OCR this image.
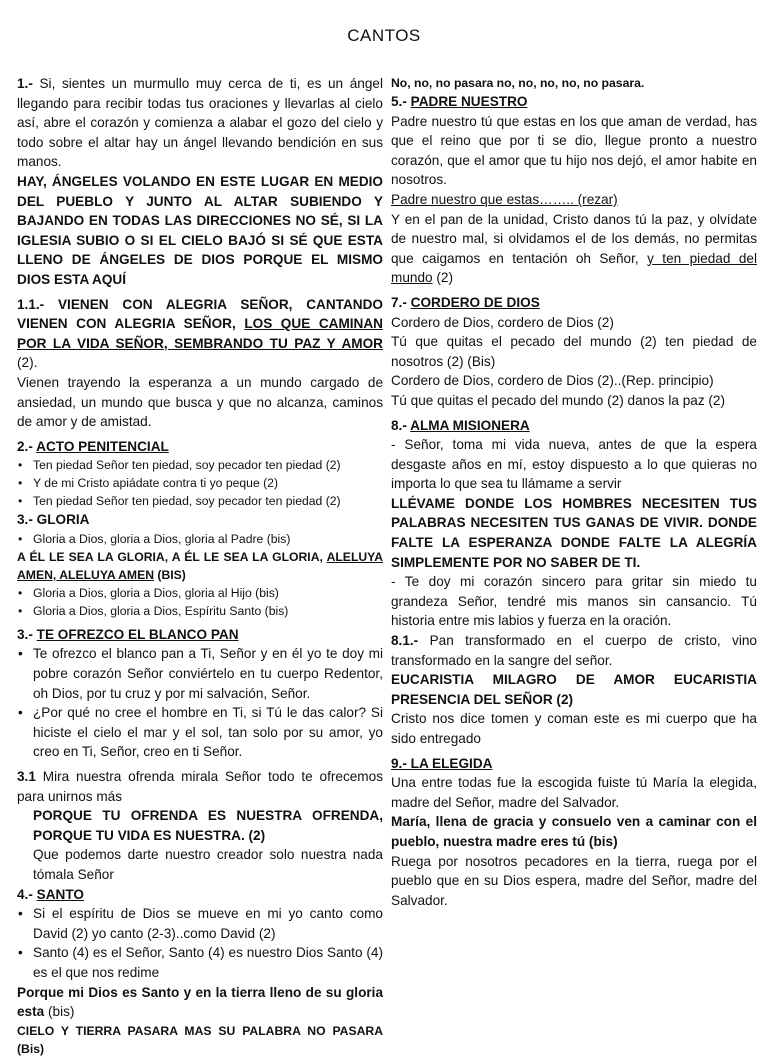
CANTOS

1.- Si, sientes un murmullo muy cerca de ti, es un ángel llegando para recibir todas tus oraciones y llevarlas al cielo así, abre el corazón y comienza a alabar el gozo del cielo y todo sobre el altar hay un ángel llevando bendición en sus manos.

HAY, ÁNGELES VOLANDO EN ESTE LUGAR EN MEDIO DEL PUEBLO Y JUNTO AL ALTAR SUBIENDO Y BAJANDO EN TODAS LAS DIRECCIONES NO SÉ, SI LA IGLESIA SUBIO O SI EL CIELO BAJÓ SI SÉ QUE ESTA LLENO DE ÁNGELES DE DIOS PORQUE EL MISMO DIOS ESTA AQUÍ

1.1.- VIENEN CON ALEGRIA SEÑOR, CANTANDO VIENEN CON ALEGRIA SEÑOR, LOS QUE CAMINAN POR LA VIDA SEÑOR, SEMBRANDO TU PAZ Y AMOR (2).

Vienen trayendo la esperanza a un mundo cargado de ansiedad, un mundo que busca y que no alcanza, caminos de amor y de amistad.

2.- ACTO PENITENCIAL

• Ten piedad Señor ten piedad, soy pecador ten piedad (2)
• Y de mi Cristo apiádate contra ti yo peque (2)
• Ten piedad Señor ten piedad, soy pecador ten piedad (2)

3.- GLORIA

• Gloria a Dios, gloria a Dios, gloria al Padre (bis)

A ÉL LE SEA LA GLORIA, A ÉL LE SEA LA GLORIA, ALELUYA AMEN, ALELUYA AMEN (BIS)

• Gloria a Dios, gloria a Dios, gloria al Hijo (bis)
• Gloria a Dios, gloria a Dios, Espíritu Santo (bis)

3.- TE OFREZCO EL BLANCO PAN

• Te ofrezco el blanco pan a Ti, Señor y en él yo te doy mi pobre corazón Señor conviértelo en tu cuerpo Redentor, oh Dios, por tu cruz y por mi salvación, Señor.
• ¿Por qué no cree el hombre en Ti, si Tú le das calor? Si hiciste el cielo el mar y el sol, tan solo por su amor, yo creo en Ti, Señor, creo en ti Señor.

3.1 Mira nuestra ofrenda mirala Señor todo te ofrecemos para unirnos más

PORQUE TU OFRENDA ES NUESTRA OFRENDA, PORQUE TU VIDA ES NUESTRA. (2)

Que podemos darte nuestro creador solo nuestra nada tómala Señor

4.- SANTO

• Si el espíritu de Dios se mueve en mi yo canto como David (2) yo canto (2-3)..como David (2)
• Santo (4) es el Señor, Santo (4) es nuestro Dios Santo (4) es el que nos redime

Porque mi Dios es Santo y en la tierra lleno de su gloria esta (bis)

CIELO Y TIERRA PASARA MAS SU PALABRA NO PASARA (Bis)

No, no, no pasara no, no, no, no, no pasara.

5.- PADRE NUESTRO

Padre nuestro tú que estas en los que aman de verdad, has que el reino que por ti se dio, llegue pronto a nuestro corazón, que el amor que tu hijo nos dejó, el amor habite en nosotros.

Padre nuestro que estas…….. (rezar)

Y en el pan de la unidad, Cristo danos tú la paz, y olvídate de nuestro mal, si olvidamos el de los demás, no permitas que caigamos en tentación oh Señor, y ten piedad del mundo (2)

7.- CORDERO DE DIOS

Cordero de Dios, cordero de Dios (2)

Tú que quitas el pecado del mundo (2) ten piedad de nosotros (2) (Bis)

Cordero de Dios, cordero de Dios (2)..(Rep. principio)

Tú que quitas el pecado del mundo (2) danos la paz (2)

8.- ALMA MISIONERA

- Señor, toma mi vida nueva, antes de que la espera desgaste años en mí, estoy dispuesto a lo que quieras no importa lo que sea tu llámame a servir

LLÉVAME DONDE LOS HOMBRES NECESITEN TUS PALABRAS NECESITEN TUS GANAS DE VIVIR. DONDE FALTE LA ESPERANZA DONDE FALTE LA ALEGRÍA SIMPLEMENTE POR NO SABER DE TI.

- Te doy mi corazón sincero para gritar sin miedo tu grandeza Señor, tendré mis manos sin cansancio. Tú historia entre mis labios y fuerza en la oración.

8.1.- Pan transformado en el cuerpo de cristo, vino transformado en la sangre del señor.

EUCARISTIA MILAGRO DE AMOR EUCARISTIA PRESENCIA DEL SEÑOR (2)

Cristo nos dice tomen y coman este es mi cuerpo que ha sido entregado

9.- LA ELEGIDA

Una entre todas fue la escogida fuiste tú María la elegida, madre del Señor, madre del Salvador.

María, llena de gracia y consuelo ven a caminar con el pueblo, nuestra madre eres tú (bis)

Ruega por nosotros pecadores en la tierra, ruega por el pueblo que en su Dios espera, madre del Señor, madre del Salvador.
